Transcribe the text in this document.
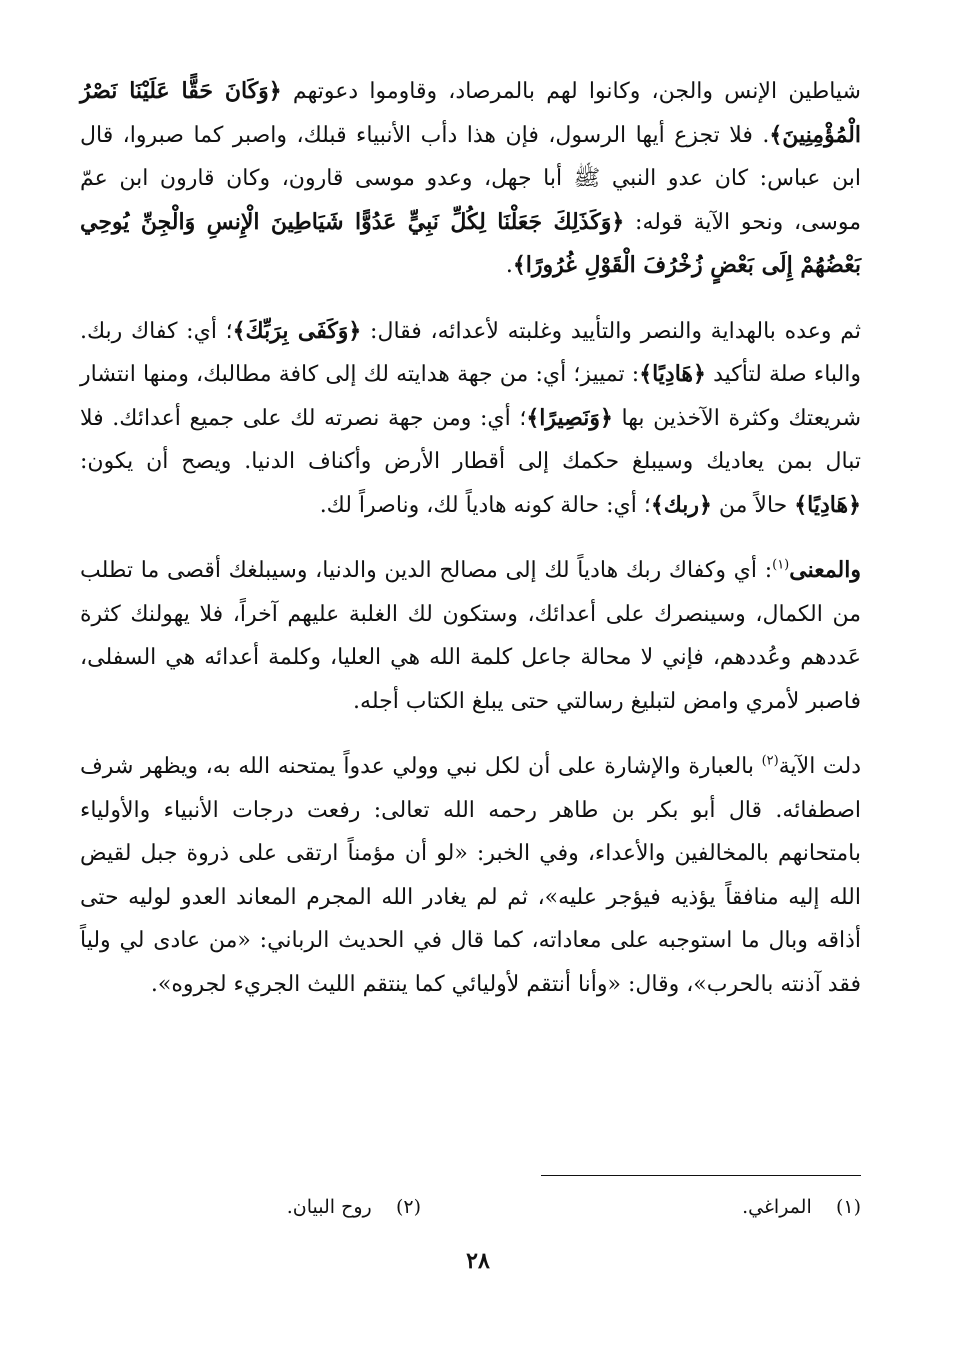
شياطين الإنس والجن، وكانوا لهم بالمرصاد، وقاوموا دعوتهم ﴿وَكَانَ حَقًّا عَلَيْنَا نَصْرُ الْمُؤْمِنِينَ﴾. فلا تجزع أيها الرسول، فإن هذا دأب الأنبياء قبلك، واصبر كما صبروا، قال ابن عباس: كان عدو النبي ﷺ أبا جهل، وعدو موسى قارون، وكان قارون ابن عمّ موسى، ونحو الآية قوله: ﴿وَكَذَلِكَ جَعَلْنَا لِكُلِّ نَبِيٍّ عَدُوًّا شَيَاطِينَ الْإِنسِ وَالْجِنِّ يُوحِي بَعْضُهُمْ إِلَى بَعْضٍ زُخْرُفَ الْقَوْلِ غُرُورًا﴾.

ثم وعده بالهداية والنصر والتأييد وغلبته لأعدائه، فقال: ﴿وَكَفَى بِرَبِّكَ﴾؛ أي: كفاك ربك. والباء صلة لتأكيد ﴿هَادِيًا﴾: تمييز؛ أي: من جهة هدايته لك إلى كافة مطالبك، ومنها انتشار شريعتك وكثرة الآخذين بها ﴿وَنَصِيرًا﴾؛ أي: ومن جهة نصرته لك على جميع أعدائك. فلا تبال بمن يعاديك وسيبلغ حكمك إلى أقطار الأرض وأكناف الدنيا. ويصح أن يكون: ﴿هَادِيًا﴾ حالاً من ﴿ربك﴾؛ أي: حالة كونه هادياً لك، وناصراً لك.

والمعنى$^{(١)}$: أي وكفاك ربك هادياً لك إلى مصالح الدين والدنيا، وسيبلغك أقصى ما تطلب من الكمال، وسينصرك على أعدائك، وستكون لك الغلبة عليهم آخراً، فلا يهولنك كثرة عَددهم وعُددهم، فإني لا محالة جاعل كلمة الله هي العليا، وكلمة أعدائه هي السفلى، فاصبر لأمري وامض لتبليغ رسالتي حتى يبلغ الكتاب أجله.

دلت الآية$^{(٢)}$ بالعبارة والإشارة على أن لكل نبي وولي عدواً يمتحنه الله به، ويظهر شرف اصطفائه. قال أبو بكر بن طاهر رحمه الله تعالى: رفعت درجات الأنبياء والأولياء بامتحانهم بالمخالفين والأعداء، وفي الخبر: «لو أن مؤمناً ارتقى على ذروة جبل لقيض الله إليه منافقاً يؤذيه فيؤجر عليه»، ثم لم يغادر الله المجرم المعاند العدو لوليه حتى أذاقه وبال ما استوجبه على معاداته، كما قال في الحديث الرباني: «من عادى لي ولياً فقد آذنته بالحرب»، وقال: «وأنا أنتقم لأوليائي كما ينتقم الليث الجريء لجروه».

(١)    المراغي.
(٢)    روح البيان.
٢٨
